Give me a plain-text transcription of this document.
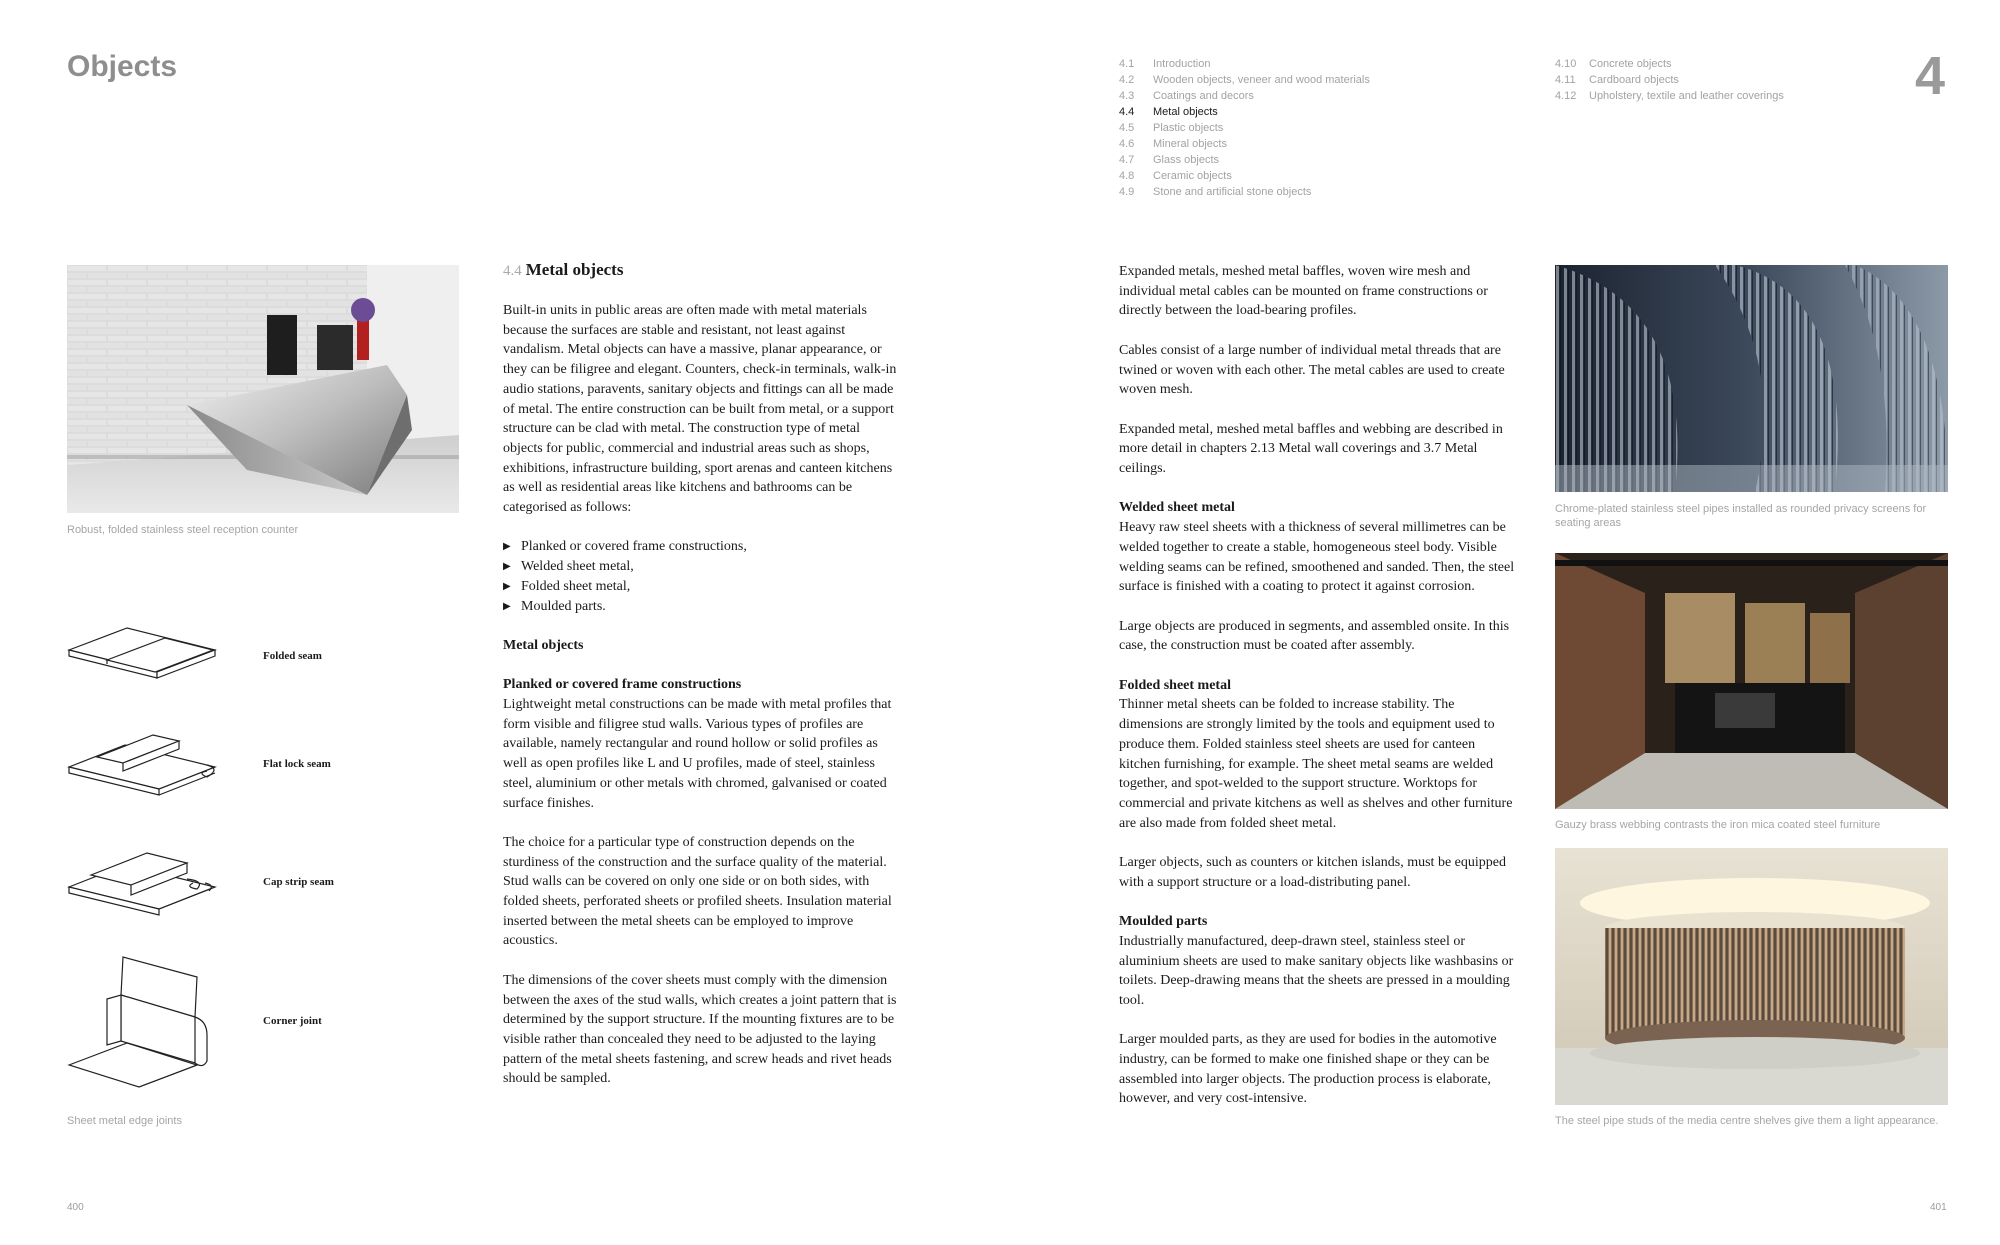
Objects	4
4.1 Introduction
4.2 Wooden objects, veneer and wood materials
4.3 Coatings and decors
4.4 Metal objects
4.5 Plastic objects
4.6 Mineral objects
4.7 Glass objects
4.8 Ceramic objects
4.9 Stone and artificial stone objects
4.10 Concrete objects
4.11 Cardboard objects
4.12 Upholstery, textile and leather coverings
Robust, folded stainless steel reception counter
Folded seam
Flat lock seam
Cap strip seam
Corner joint
Sheet metal edge joints
4.4 Metal objects

Built-in units in public areas are often made with metal materials because the surfaces are stable and resistant, not least against vandalism. Metal objects can have a massive, planar appearance, or they can be filigree and elegant. Counters, check-in terminals, walk-in audio stations, paravents, sanitary objects and fittings can all be made of metal. The entire construction can be built from metal, or a support structure can be clad with metal. The construction type of metal objects for public, commercial and industrial areas such as shops, exhibitions, infrastructure building, sport arenas and canteen kitchens as well as residential areas like kitchens and bathrooms can be categorised as follows:

▶ Planked or covered frame constructions,
▶ Welded sheet metal,
▶ Folded sheet metal,
▶ Moulded parts.

Metal objects

Planked or covered frame constructions

Lightweight metal constructions can be made with metal profiles that form visible and filigree stud walls. Various types of profiles are available, namely rectangular and round hollow or solid profiles as well as open profiles like L and U profiles, made of steel, stainless steel, aluminium or other metals with chromed, galvanised or coated surface finishes.

The choice for a particular type of construction depends on the sturdiness of the construction and the surface quality of the material. Stud walls can be covered on only one side or on both sides, with folded sheets, perforated sheets or profiled sheets. Insulation material inserted between the metal sheets can be employed to improve acoustics.

The dimensions of the cover sheets must comply with the dimension between the axes of the stud walls, which creates a joint pattern that is determined by the support structure. If the mounting fixtures are to be visible rather than concealed they need to be adjusted to the laying pattern of the metal sheets fastening, and screw heads and rivet heads should be sampled.

400

Expanded metals, meshed metal baffles, woven wire mesh and individual metal cables can be mounted on frame constructions or directly between the load-bearing profiles.

Cables consist of a large number of individual metal threads that are twined or woven with each other. The metal cables are used to create woven mesh.

Expanded metal, meshed metal baffles and webbing are described in more detail in chapters 2.13 Metal wall coverings and 3.7 Metal ceilings.

Welded sheet metal

Heavy raw steel sheets with a thickness of several millimetres can be welded together to create a stable, homogeneous steel body. Visible welding seams can be refined, smoothened and sanded. Then, the steel surface is finished with a coating to protect it against corrosion.

Large objects are produced in segments, and assembled onsite. In this case, the construction must be coated after assembly.

Folded sheet metal

Thinner metal sheets can be folded to increase stability. The dimensions are strongly limited by the tools and equipment used to produce them. Folded stainless steel sheets are used for canteen kitchen furnishing, for example. The sheet metal seams are welded together, and spot-welded to the support structure. Worktops for commercial and private kitchens as well as shelves and other furniture are also made from folded sheet metal.

Larger objects, such as counters or kitchen islands, must be equipped with a support structure or a load-distributing panel.

Moulded parts

Industrially manufactured, deep-drawn steel, stainless steel or aluminium sheets are used to make sanitary objects like washbasins or toilets. Deep-drawing means that the sheets are pressed in a moulding tool.

Larger moulded parts, as they are used for bodies in the automotive industry, can be formed to make one finished shape or they can be assembled into larger objects. The production process is elaborate, however, and very cost-intensive.

Chrome-plated stainless steel pipes installed as rounded privacy screens for seating areas
Gauzy brass webbing contrasts the iron mica coated steel furniture
The steel pipe studs of the media centre shelves give them a light appearance.
401
